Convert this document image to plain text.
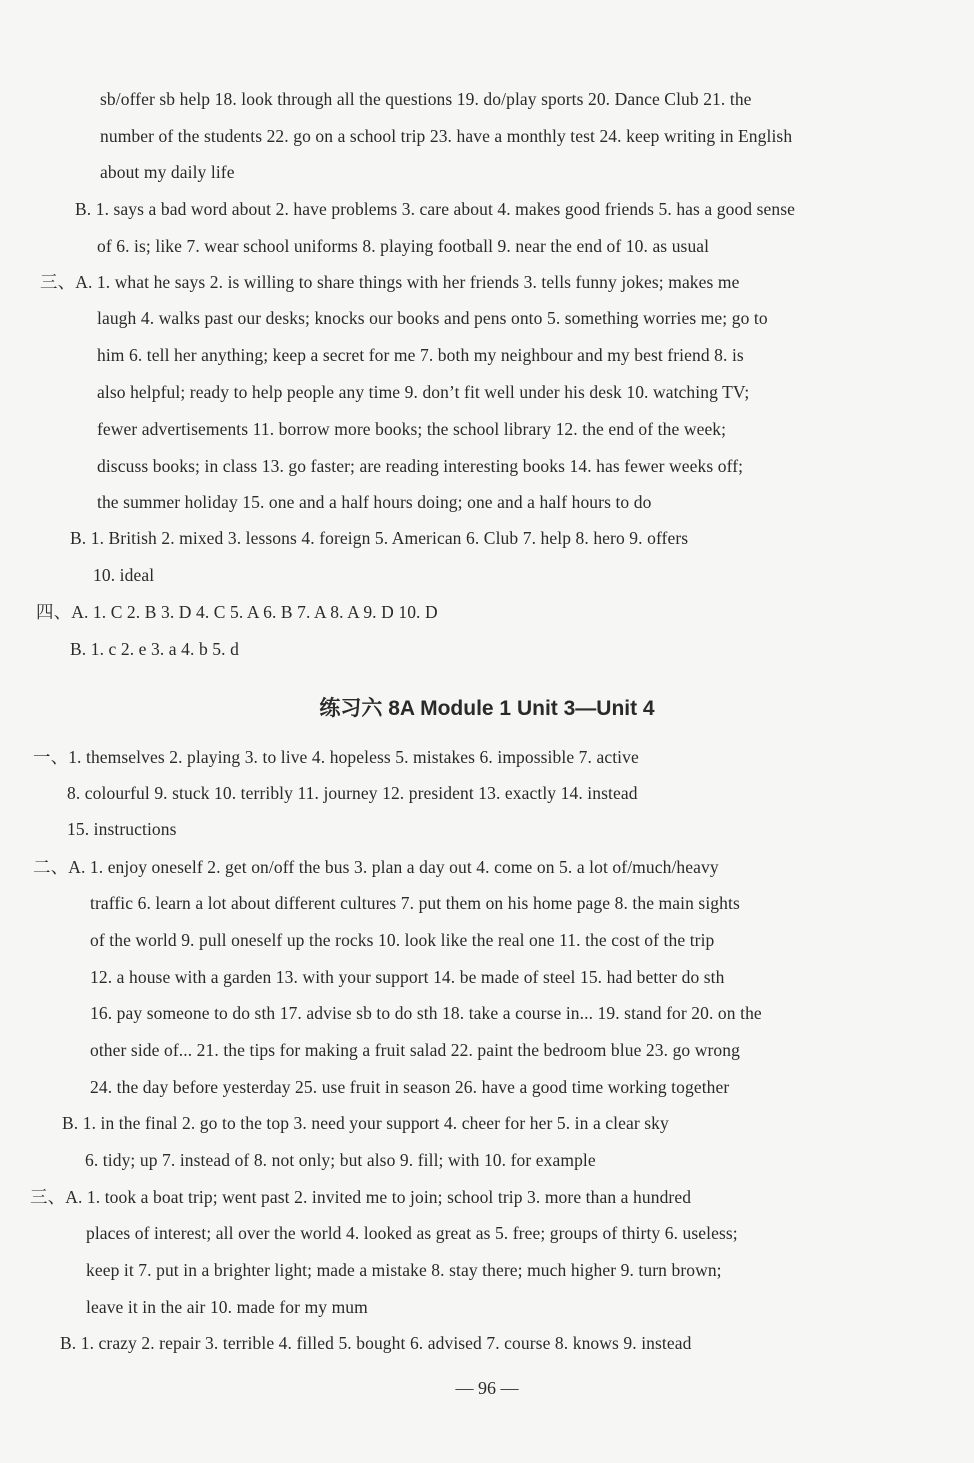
sb/offer sb help 18. look through all the questions 19. do/play sports 20. Dance Club 21. the
number of the students 22. go on a school trip 23. have a monthly test 24. keep writing in English
about my daily life
B. 1. says a bad word about 2. have problems 3. care about 4. makes good friends 5. has a good sense
of 6. is; like 7. wear school uniforms 8. playing football 9. near the end of 10. as usual
三、A. 1. what he says 2. is willing to share things with her friends 3. tells funny jokes; makes me
laugh 4. walks past our desks; knocks our books and pens onto 5. something worries me; go to
him 6. tell her anything; keep a secret for me 7. both my neighbour and my best friend 8. is
also helpful; ready to help people any time 9. don’t fit well under his desk 10. watching TV;
fewer advertisements 11. borrow more books; the school library 12. the end of the week;
discuss books; in class 13. go faster; are reading interesting books 14. has fewer weeks off;
the summer holiday 15. one and a half hours doing; one and a half hours to do
B. 1. British 2. mixed 3. lessons 4. foreign 5. American 6. Club 7. help 8. hero 9. offers
10. ideal
四、A. 1. C 2. B 3. D 4. C 5. A 6. B 7. A 8. A 9. D 10. D
B. 1. c 2. e 3. a 4. b 5. d
练习六 8A Module 1 Unit 3—Unit 4
一、1. themselves 2. playing 3. to live 4. hopeless 5. mistakes 6. impossible 7. active
8. colourful 9. stuck 10. terribly 11. journey 12. president 13. exactly 14. instead
15. instructions
二、A. 1. enjoy oneself 2. get on/off the bus 3. plan a day out 4. come on 5. a lot of/much/heavy
traffic 6. learn a lot about different cultures 7. put them on his home page 8. the main sights
of the world 9. pull oneself up the rocks 10. look like the real one 11. the cost of the trip
12. a house with a garden 13. with your support 14. be made of steel 15. had better do sth
16. pay someone to do sth 17. advise sb to do sth 18. take a course in... 19. stand for 20. on the
other side of... 21. the tips for making a fruit salad 22. paint the bedroom blue 23. go wrong
24. the day before yesterday 25. use fruit in season 26. have a good time working together
B. 1. in the final 2. go to the top 3. need your support 4. cheer for her 5. in a clear sky
6. tidy; up 7. instead of 8. not only; but also 9. fill; with 10. for example
三、A. 1. took a boat trip; went past 2. invited me to join; school trip 3. more than a hundred
places of interest; all over the world 4. looked as great as 5. free; groups of thirty 6. useless;
keep it 7. put in a brighter light; made a mistake 8. stay there; much higher 9. turn brown;
leave it in the air 10. made for my mum
B. 1. crazy 2. repair 3. terrible 4. filled 5. bought 6. advised 7. course 8. knows 9. instead
— 96 —
